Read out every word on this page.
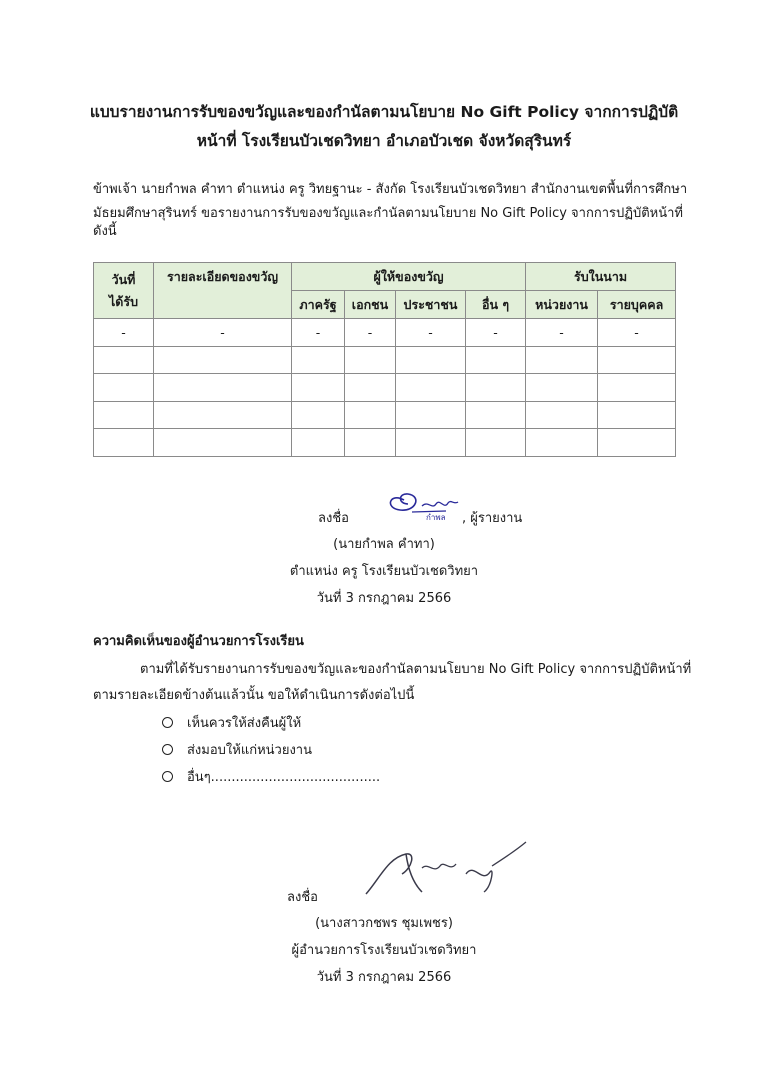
แบบรายงานการรับของขวัญและของกำนัลตามนโยบาย No Gift Policy จากการปฏิบัติ
หน้าที่ โรงเรียนบัวเชดวิทยา อำเภอบัวเชด จังหวัดสุรินทร์
ข้าพเจ้า นายกำพล คำทา ตำแหน่ง ครู วิทยฐานะ - สังกัด โรงเรียนบัวเชดวิทยา สำนักงานเขตพื้นที่การศึกษา
มัธยมศึกษาสุรินทร์ ขอรายงานการรับของขวัญและกำนัลตามนโยบาย No Gift Policy จากการปฏิบัติหน้าที่
ดังนี้
วันที่ ได้รับ	รายละเอียดของขวัญ	ผู้ให้ของขวัญ				รับในนาม	
		ภาครัฐ	เอกชน	ประชาชน	อื่น ๆ	หน่วยงาน	รายบุคคล
-	-	-	-	-	-	-	-

ลงชื่อ	กำพล , ผู้รายงาน
(นายกำพล คำทา)
ตำแหน่ง ครู โรงเรียนบัวเชดวิทยา
วันที่ 3 กรกฎาคม 2566
ความคิดเห็นของผู้อำนวยการโรงเรียน
ตามที่ได้รับรายงานการรับของขวัญและของกำนัลตามนโยบาย No Gift Policy จากการปฏิบัติหน้าที่
ตามรายละเอียดข้างต้นแล้วนั้น ขอให้ดำเนินการดังต่อไปนี้
เห็นควรให้ส่งคืนผู้ให้
ส่งมอบให้แก่หน่วยงาน
อื่นๆ.........................................
ลงชื่อ
(นางสาวกชพร ชุมเพชร)
ผู้อำนวยการโรงเรียนบัวเชดวิทยา
วันที่ 3 กรกฎาคม 2566
